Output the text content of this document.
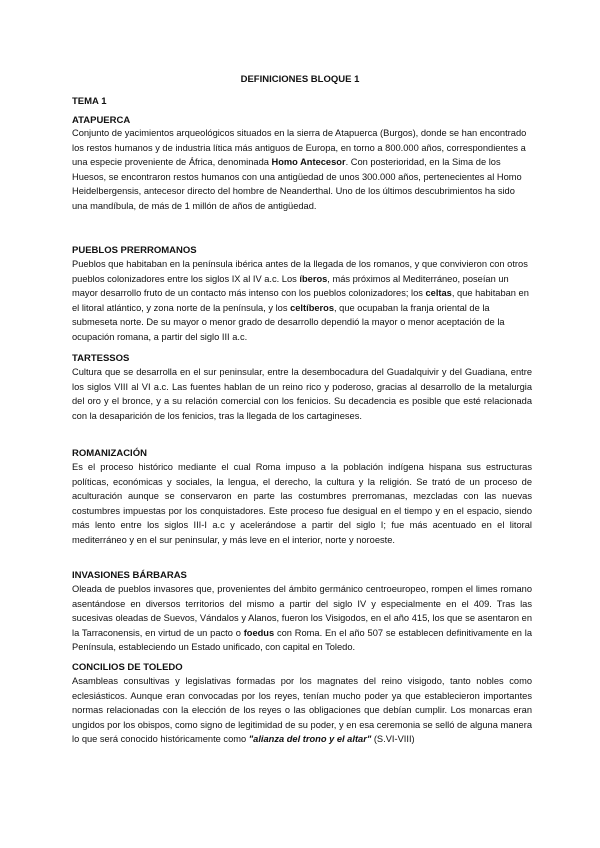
DEFINICIONES BLOQUE 1
TEMA 1
ATAPUERCA

Conjunto de yacimientos arqueológicos situados en la sierra de Atapuerca (Burgos), donde se han encontrado los restos humanos y de industria lítica más antiguos de Europa, en torno a 800.000 años, correspondientes a una especie proveniente de África, denominada Homo Antecesor. Con posterioridad, en la Sima de los Huesos, se encontraron restos humanos con una antigüedad de unos 300.000 años, pertenecientes al Homo Heidelbergensis, antecesor directo del hombre de Neanderthal. Uno de los últimos descubrimientos ha sido una mandíbula, de más de 1 millón de años de antigüedad.

PUEBLOS PRERROMANOS

Pueblos que habitaban en la península ibérica antes de la llegada de los romanos, y que convivieron con otros pueblos colonizadores entre los siglos IX al IV a.c. Los íberos, más próximos al Mediterráneo, poseían un mayor desarrollo fruto de un contacto más intenso con los pueblos colonizadores; los celtas, que habitaban en el litoral atlántico, y zona norte de la península, y los celtíberos, que ocupaban la franja oriental de la submeseta norte. De su mayor o menor grado de desarrollo dependió la mayor o menor aceptación de la ocupación romana, a partir del siglo III a.c.

TARTESSOS

Cultura que se desarrolla en el sur peninsular, entre la desembocadura del Guadalquivir y del Guadiana, entre los siglos VIII al VI a.c. Las fuentes hablan de un reino rico y poderoso, gracias al desarrollo de la metalurgia del oro y el bronce, y a su relación comercial con los fenicios. Su decadencia es posible que esté relacionada con la desaparición de los fenicios, tras la llegada de los cartagineses.

ROMANIZACIÓN

Es el proceso histórico mediante el cual Roma impuso a la población indígena hispana sus estructuras políticas, económicas y sociales, la lengua, el derecho, la cultura y la religión. Se trató de un proceso de aculturación aunque se conservaron en parte las costumbres prerromanas, mezcladas con las nuevas costumbres impuestas por los conquistadores. Este proceso fue desigual en el tiempo y en el espacio, siendo más lento entre los siglos III-I a.c y acelerándose a partir del siglo I; fue más acentuado en el litoral mediterráneo y en el sur peninsular, y más leve en el interior, norte y noroeste.

INVASIONES BÁRBARAS

Oleada de pueblos invasores que, provenientes del ámbito germánico centroeuropeo, rompen el limes romano asentándose en diversos territorios del mismo a partir del siglo IV y especialmente en el 409. Tras las sucesivas oleadas de Suevos, Vándalos y Alanos, fueron los Visigodos, en el año 415, los que se asentaron en la Tarraconensis, en virtud de un pacto o foedus con Roma. En el año 507 se establecen definitivamente en la Península, estableciendo un Estado unificado, con capital en Toledo.

CONCILIOS DE TOLEDO

Asambleas consultivas y legislativas formadas por los magnates del reino visigodo, tanto nobles como eclesiásticos. Aunque eran convocadas por los reyes, tenían mucho poder ya que establecieron importantes normas relacionadas con la elección de los reyes o las obligaciones que debían cumplir. Los monarcas eran ungidos por los obispos, como signo de legitimidad de su poder, y en esa ceremonia se selló de alguna manera lo que será conocido históricamente como "alianza del trono y el altar" (S.VI-VIII)
